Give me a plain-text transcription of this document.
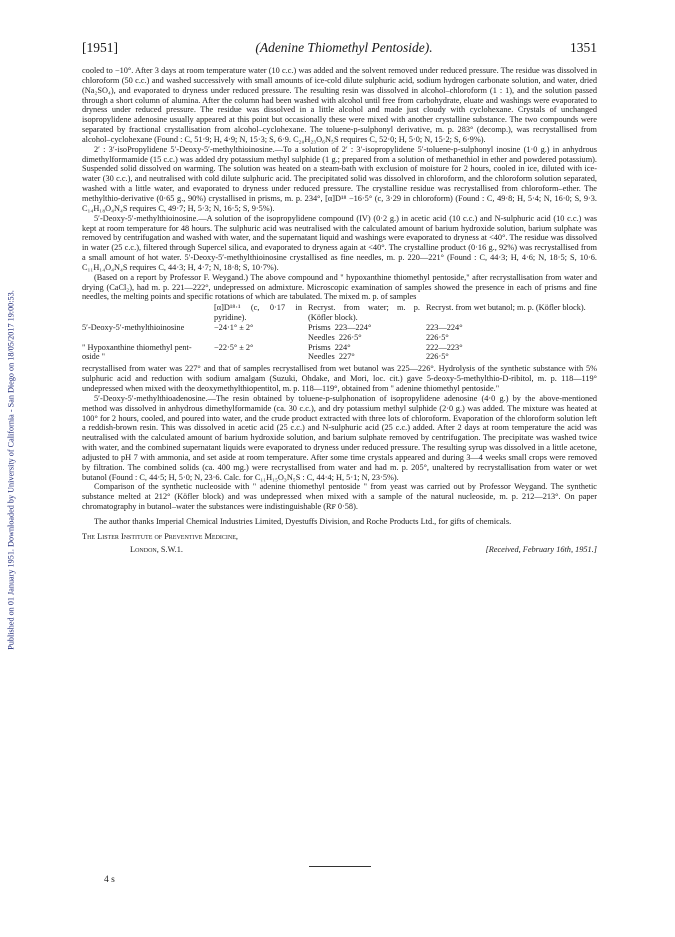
Published on 01 January 1951. Downloaded by University of California - San Diego on 18/05/2017 19:00:53.
[1951]	(Adenine Thiomethyl Pentoside).	1351

cooled to −10°. After 3 days at room temperature water (10 c.c.) was added and the solvent removed under reduced pressure. The residue was dissolved in chloroform (50 c.c.) and washed successively with small amounts of ice-cold dilute sulphuric acid, sodium hydrogen carbonate solution, and water, dried (Na₂SO₄), and evaporated to dryness under reduced pressure. The resulting resin was dissolved in alcohol–chloroform (1 : 1), and the solution passed through a short column of alumina. After the column had been washed with alcohol until free from carbohydrate, eluate and washings were evaporated to dryness under reduced pressure. The residue was dissolved in a little alcohol and made just cloudy with cyclohexane. Crystals of unchanged isopropylidene adenosine usually appeared at this point but occasionally these were mixed with another crystalline substance. The two compounds were separated by fractional crystallisation from alcohol–cyclohexane. The toluene-p-sulphonyl derivative, m. p. 283° (decomp.), was recrystallised from alcohol–cyclohexane (Found : C, 51·9; H, 4·9; N, 15·3; S, 6·9. C₂₀H₂₃O₆N₅S requires C, 52·0; H, 5·0; N, 15·2; S, 6·9%).

2′ : 3′-isoPropylidene 5′-Deoxy-5′-methylthioinosine.—To a solution of 2′ : 3′-isopropylidene 5′-toluene-p-sulphonyl inosine (1·0 g.) in anhydrous dimethylformamide (15 c.c.) was added dry potassium methyl sulphide (1 g.; prepared from a solution of methanethiol in ether and powdered potassium). Suspended solid dissolved on warming. The solution was heated on a steam-bath with exclusion of moisture for 2 hours, cooled in ice, diluted with ice-water (30 c.c.), and neutralised with cold dilute sulphuric acid. The precipitated solid was dissolved in chloroform, and the chloroform solution separated, washed with a little water, and evaporated to dryness under reduced pressure. The crystalline residue was recrystallised from chloroform–ether. The methylthio-derivative (0·65 g., 90%) crystallised in prisms, m. p. 234°, [α]D¹⁸ −16·5° (c, 3·29 in chloroform) (Found : C, 49·8; H, 5·4; N, 16·0; S, 9·3. C₁₄H₁₈O₄N₄S requires C, 49·7; H, 5·3; N, 16·5; S, 9·5%).

5′-Deoxy-5′-methylthioinosine.—A solution of the isopropylidene compound (IV) (0·2 g.) in acetic acid (10 c.c.) and N-sulphuric acid (10 c.c.) was kept at room temperature for 48 hours. The sulphuric acid was neutralised with the calculated amount of barium hydroxide solution, barium sulphate was removed by centrifugation and washed with water, and the supernatant liquid and washings were evaporated to dryness at <40°. The residue was dissolved in water (25 c.c.), filtered through Supercel silica, and evaporated to dryness again at <40°. The crystalline product (0·16 g., 92%) was recrystallised from a small amount of hot water. 5′-Deoxy-5′-methylthioinosine crystallised as fine needles, m. p. 220—221° (Found : C, 44·3; H, 4·6; N, 18·5; S, 10·6. C₁₁H₁₄O₄N₄S requires C, 44·3; H, 4·7; N, 18·8; S, 10·7%).

(Based on a report by Professor F. Weygand.) The above compound and " hypoxanthine thiomethyl pentoside," after recrystallisation from water and drying (CaCl₂), had m. p. 221—222°, undepressed on admixture. Microscopic examination of samples showed the presence in each of prisms and fine needles, the melting points and specific rotations of which are tabulated. The mixed m. p. of samples

	[α]D¹⁸·¹ (c, 0·17 in pyridine).		Recryst. from water; m. p. (Köfler block).		Recryst. from wet butanol; m. p. (Köfler block).
5′-Deoxy-5′-methylthioinosine	−24·1° ± 2°		Prisms 223—224°		223—224°
			Needles 226·5°		226·5°
" Hypoxanthine thiomethyl pent-	−22·5° ± 2°		Prisms 224°		222—223°
oside "			Needles 227°		226·5°

recrystallised from water was 227° and that of samples recrystallised from wet butanol was 225—226°. Hydrolysis of the synthetic substance with 5% sulphuric acid and reduction with sodium amalgam (Suzuki, Ohdake, and Mori, loc. cit.) gave 5-deoxy-5-methylthio-D-ribitol, m. p. 118—119° undepressed when mixed with the deoxymethylthiopentitol, m. p. 118—119°, obtained from " adenine thiomethyl pentoside."

5′-Deoxy-5′-methylthioadenosine.—The resin obtained by toluene-p-sulphonation of isopropylidene adenosine (4·0 g.) by the above-mentioned method was dissolved in anhydrous dimethylformamide (ca. 30 c.c.), and dry potassium methyl sulphide (2·0 g.) was added. The mixture was heated at 100° for 2 hours, cooled, and poured into water, and the crude product extracted with three lots of chloroform. Evaporation of the chloroform solution left a reddish-brown resin. This was dissolved in acetic acid (25 c.c.) and N-sulphuric acid (25 c.c.) added. After 2 days at room temperature the acid was neutralised with the calculated amount of barium hydroxide solution, and barium sulphate removed by centrifugation. The precipitate was washed twice with water, and the combined supernatant liquids were evaporated to dryness under reduced pressure. The resulting syrup was dissolved in a little acetone, adjusted to pH 7 with ammonia, and set aside at room temperature. After some time crystals appeared and during 3—4 weeks small crops were removed by filtration. The combined solids (ca. 400 mg.) were recrystallised from water and had m. p. 205°, unaltered by recrystallisation from water or wet butanol (Found : C, 44·5; H, 5·0; N, 23·6. Calc. for C₁₁H₁₅O₃N₅S : C, 44·4; H, 5·1; N, 23·5%).

Comparison of the synthetic nucleoside with " adenine thiomethyl pentoside " from yeast was carried out by Professor Weygand. The synthetic substance melted at 212° (Köfler block) and was undepressed when mixed with a sample of the natural nucleoside, m. p. 212—213°. On paper chromatography in butanol–water the substances were indistinguishable (Rꜰ 0·58).

The author thanks Imperial Chemical Industries Limited, Dyestuffs Division, and Roche Products Ltd., for gifts of chemicals.

The Lister Institute of Preventive Medicine,
London, S.W.1.	[Received, February 16th, 1951.]
4 s
